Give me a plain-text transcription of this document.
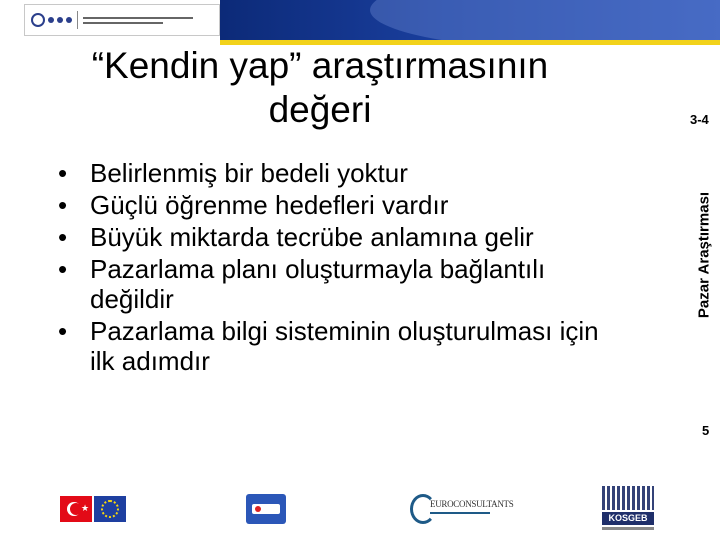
“Kendin yap” araştırmasının değeri	3-4
Pazar Araştırması
5
• Belirlenmiş bir bedeli yoktur
• Güçlü öğrenme hedefleri vardır
• Büyük miktarda tecrübe anlamına gelir
• Pazarlama planı oluşturmayla bağlantılı değildir
• Pazarlama bilgi sisteminin oluşturulması için ilk adımdır
★	EUROCONSULTANTS
KOSGEB
